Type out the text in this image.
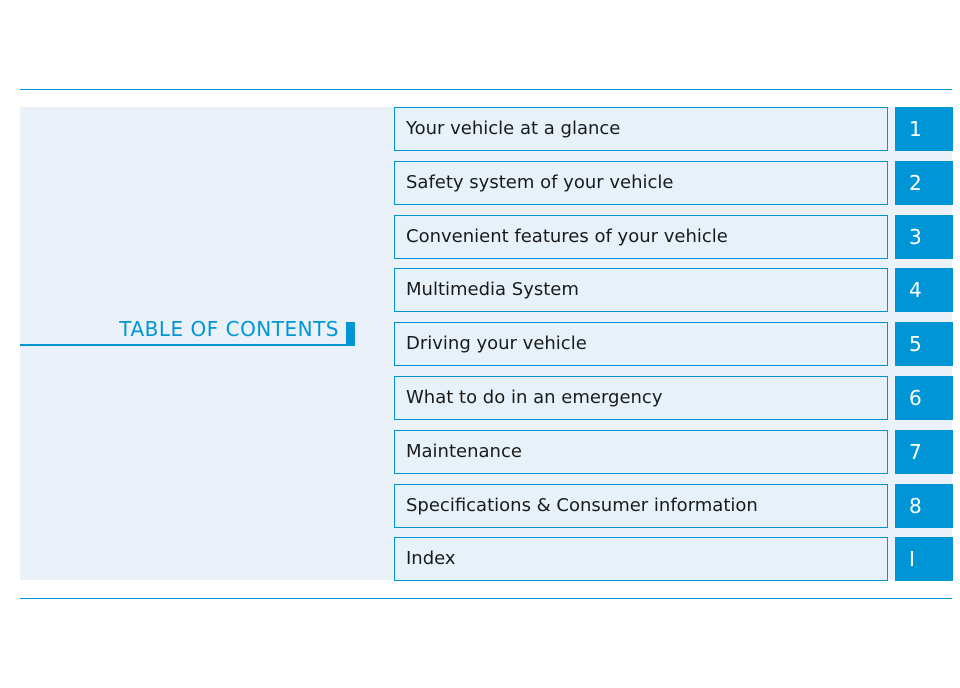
TABLE OF CONTENTS
Your vehicle at a glance	1
Safety system of your vehicle	2
Convenient features of your vehicle	3
Multimedia System	4
Driving your vehicle	5
What to do in an emergency	6
Maintenance	7
Specifications & Consumer information	8
Index	I
